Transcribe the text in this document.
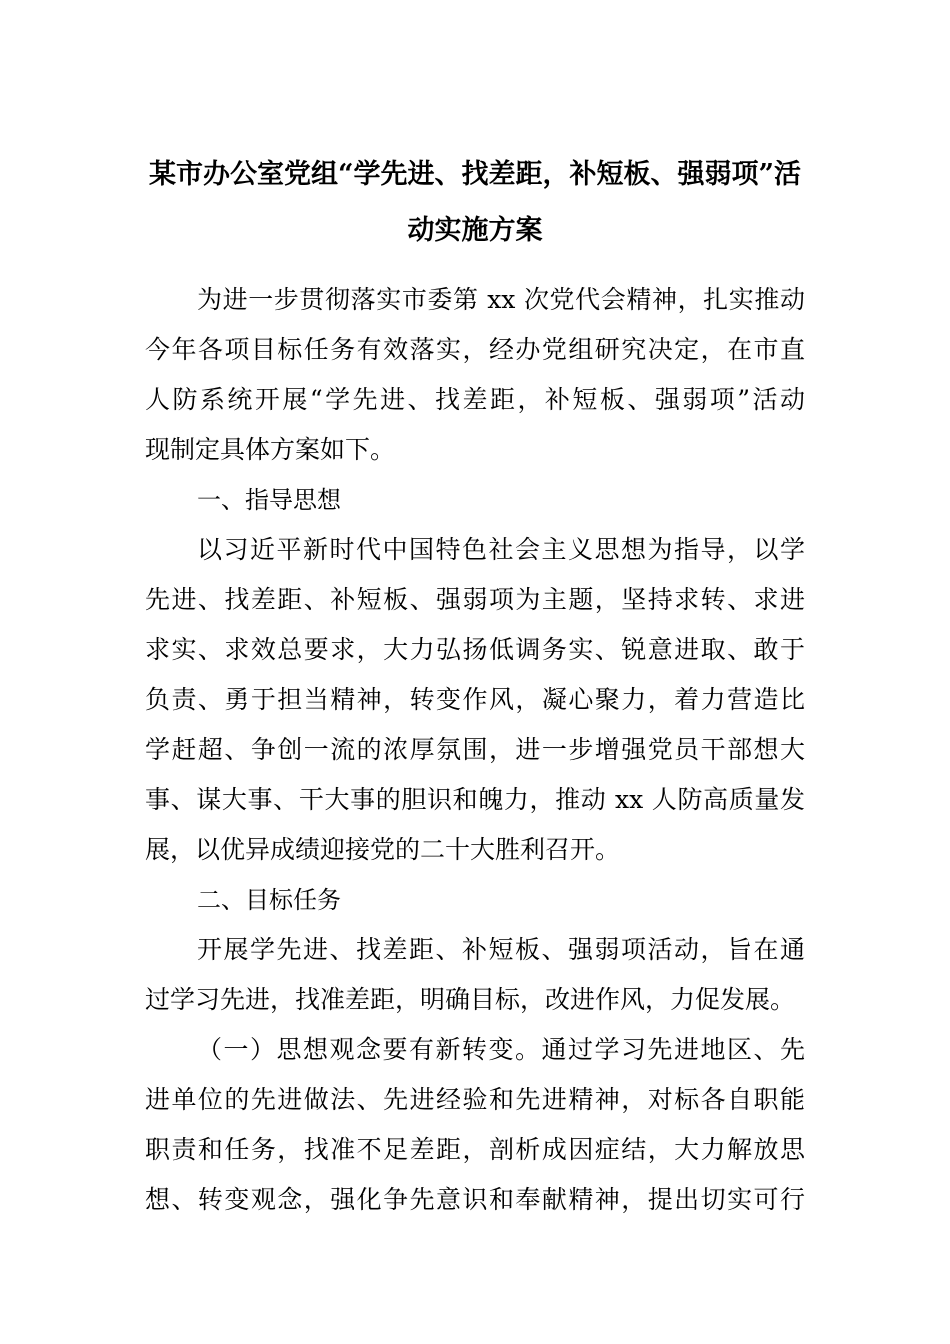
某市办公室党组“学先进、找差距，补短板、强弱项”活
动实施方案

为进一步贯彻落实市委第 xx 次党代会精神，扎实推动

今年各项目标任务有效落实，经办党组研究决定，在市直

人防系统开展“学先进、找差距，补短板、强弱项”活动

现制定具体方案如下。

一、指导思想

以习近平新时代中国特色社会主义思想为指导，以学

先进、找差距、补短板、强弱项为主题，坚持求转、求进

求实、求效总要求，大力弘扬低调务实、锐意进取、敢于

负责、勇于担当精神，转变作风，凝心聚力，着力营造比

学赶超、争创一流的浓厚氛围，进一步增强党员干部想大

事、谋大事、干大事的胆识和魄力，推动 xx 人防高质量发

展，以优异成绩迎接党的二十大胜利召开。

二、目标任务

开展学先进、找差距、补短板、强弱项活动，旨在通

过学习先进，找准差距，明确目标，改进作风，力促发展。

（一）思想观念要有新转变。通过学习先进地区、先

进单位的先进做法、先进经验和先进精神，对标各自职能

职责和任务，找准不足差距，剖析成因症结，大力解放思

想、转变观念，强化争先意识和奉献精神，提出切实可行
